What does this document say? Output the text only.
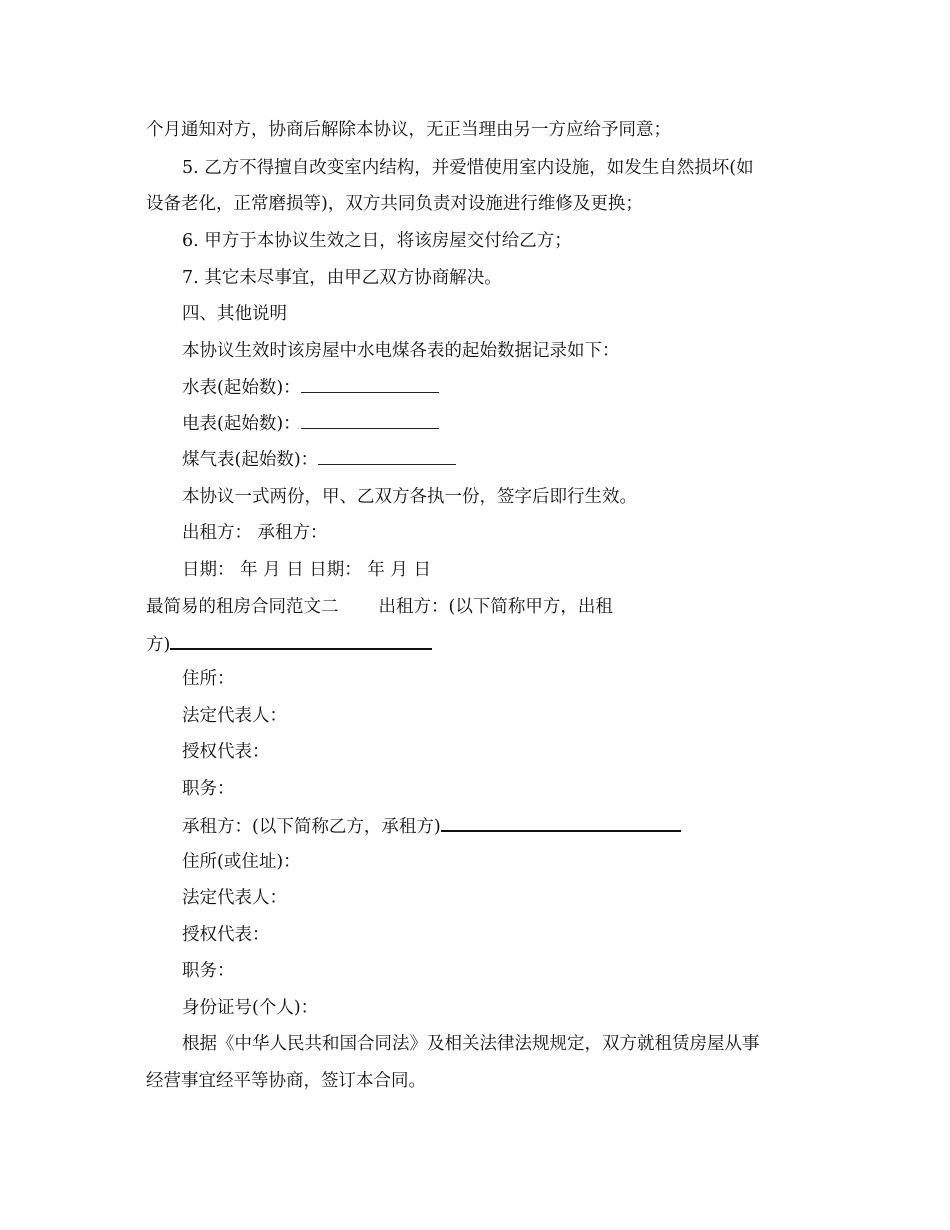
个月通知对方，协商后解除本协议，无正当理由另一方应给予同意；
5. 乙方不得擅自改变室内结构，并爱惜使用室内设施，如发生自然损坏(如
设备老化，正常磨损等)，双方共同负责对设施进行维修及更换；
6. 甲方于本协议生效之日，将该房屋交付给乙方；
7. 其它未尽事宜，由甲乙双方协商解决。
四、其他说明
本协议生效时该房屋中水电煤各表的起始数据记录如下：
水表(起始数)：
电表(起始数)：
煤气表(起始数)：
本协议一式两份，甲、乙双方各执一份，签字后即行生效。
出租方： 承租方：
日期： 年 月 日 日期： 年 月 日
最简易的租房合同范文二 出租方：(以下简称甲方，出租
方)
住所：
法定代表人：
授权代表：
职务：
承租方：(以下简称乙方，承租方)
住所(或住址)：
法定代表人：
授权代表：
职务：
身份证号(个人)：
根据《中华人民共和国合同法》及相关法律法规规定，双方就租赁房屋从事
经营事宜经平等协商，签订本合同。
